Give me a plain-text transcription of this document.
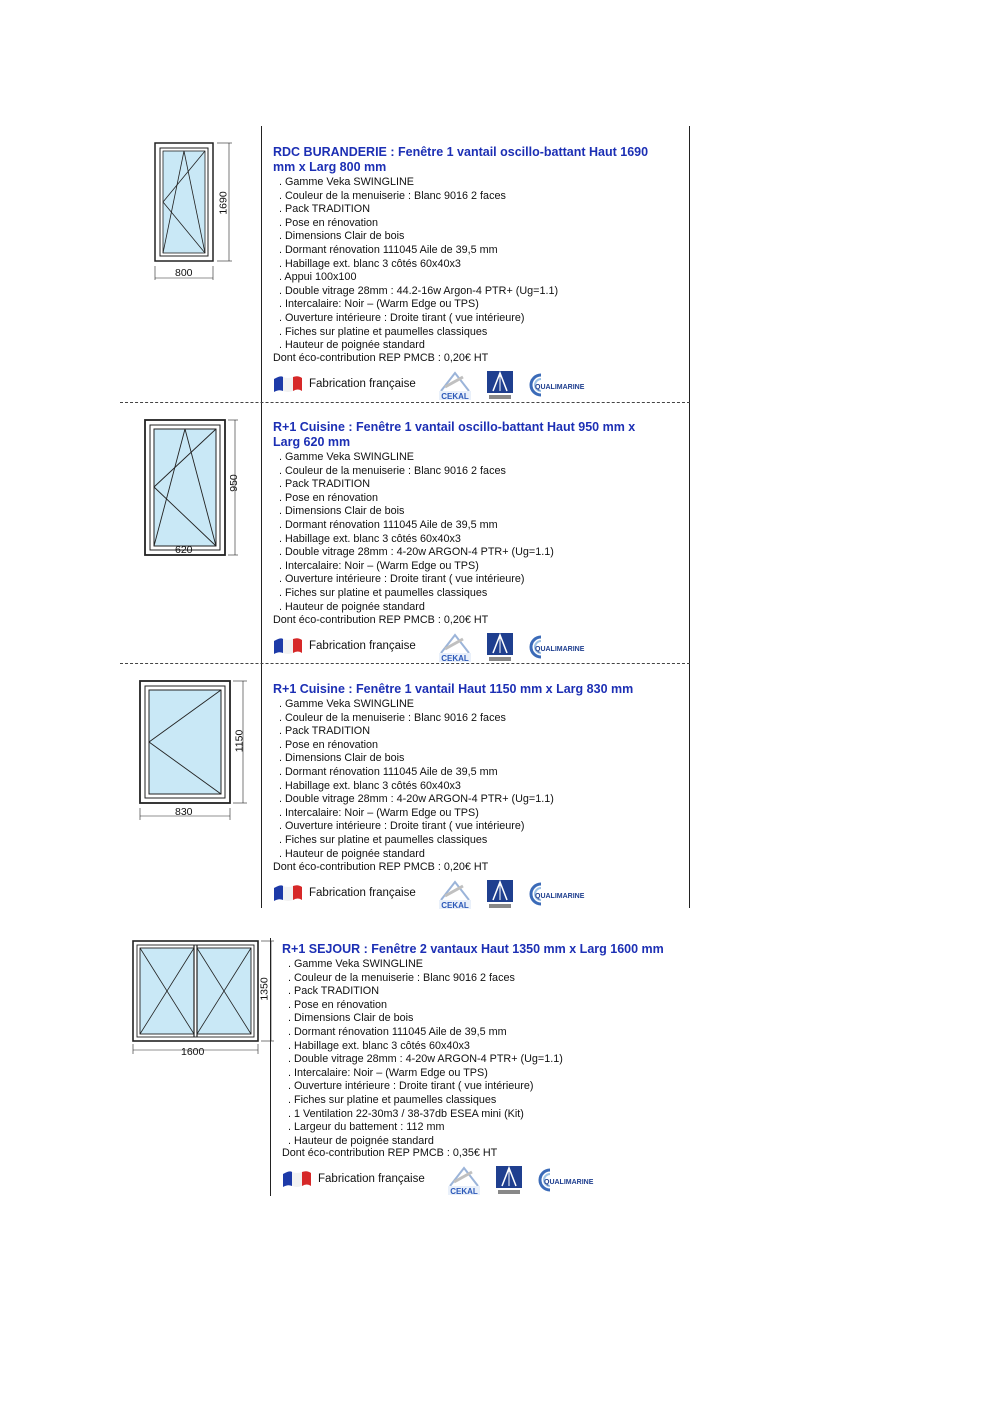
800
1690
RDC BURANDERIE : Fenêtre 1 vantail oscillo-battant Haut 1690
mm x Larg 800 mm
. Gamme Veka SWINGLINE
. Couleur de la menuiserie : Blanc 9016 2 faces
. Pack TRADITION
. Pose en rénovation
. Dimensions Clair de bois
. Dormant rénovation 111045 Aile de 39,5 mm
. Habillage ext. blanc 3 côtés 60x40x3
. Appui 100x100
. Double vitrage 28mm : 44.2-16w Argon-4 PTR+ (Ug=1.1)
. Intercalaire: Noir – (Warm Edge ou TPS)
. Ouverture intérieure : Droite tirant ( vue intérieure)
. Fiches sur platine et paumelles classiques
. Hauteur de poignée standard
Dont éco-contribution REP PMCB : 0,20€ HT
Fabrication française
CEKAL
QUALIMARINE
620
950
R+1 Cuisine : Fenêtre 1 vantail oscillo-battant Haut 950 mm x
Larg 620 mm
. Gamme Veka SWINGLINE
. Couleur de la menuiserie : Blanc 9016 2 faces
. Pack TRADITION
. Pose en rénovation
. Dimensions Clair de bois
. Dormant rénovation 111045 Aile de 39,5 mm
. Habillage ext. blanc 3 côtés 60x40x3
. Double vitrage 28mm : 4-20w ARGON-4 PTR+ (Ug=1.1)
. Intercalaire: Noir – (Warm Edge ou TPS)
. Ouverture intérieure : Droite tirant ( vue intérieure)
. Fiches sur platine et paumelles classiques
. Hauteur de poignée standard
Dont éco-contribution REP PMCB : 0,20€ HT
Fabrication française
CEKAL
QUALIMARINE
830
1150
R+1 Cuisine : Fenêtre 1 vantail Haut 1150 mm x Larg 830 mm
. Gamme Veka SWINGLINE
. Couleur de la menuiserie : Blanc 9016 2 faces
. Pack TRADITION
. Pose en rénovation
. Dimensions Clair de bois
. Dormant rénovation 111045 Aile de 39,5 mm
. Habillage ext. blanc 3 côtés 60x40x3
. Double vitrage 28mm : 4-20w ARGON-4 PTR+ (Ug=1.1)
. Intercalaire: Noir – (Warm Edge ou TPS)
. Ouverture intérieure : Droite tirant ( vue intérieure)
. Fiches sur platine et paumelles classiques
. Hauteur de poignée standard
Dont éco-contribution REP PMCB : 0,20€ HT
Fabrication française
CEKAL
QUALIMARINE
1600
1350
R+1 SEJOUR : Fenêtre 2 vantaux Haut 1350 mm x Larg 1600 mm
. Gamme Veka SWINGLINE
. Couleur de la menuiserie : Blanc 9016 2 faces
. Pack TRADITION
. Pose en rénovation
. Dimensions Clair de bois
. Dormant rénovation 111045 Aile de 39,5 mm
. Habillage ext. blanc 3 côtés 60x40x3
. Double vitrage 28mm : 4-20w ARGON-4 PTR+ (Ug=1.1)
. Intercalaire: Noir – (Warm Edge ou TPS)
. Ouverture intérieure : Droite tirant ( vue intérieure)
. Fiches sur platine et paumelles classiques
. 1 Ventilation 22-30m3 / 38-37db ESEA mini (Kit)
. Largeur du battement : 112 mm
. Hauteur de poignée standard
Dont éco-contribution REP PMCB : 0,35€ HT
Fabrication française
CEKAL
QUALIMARINE
